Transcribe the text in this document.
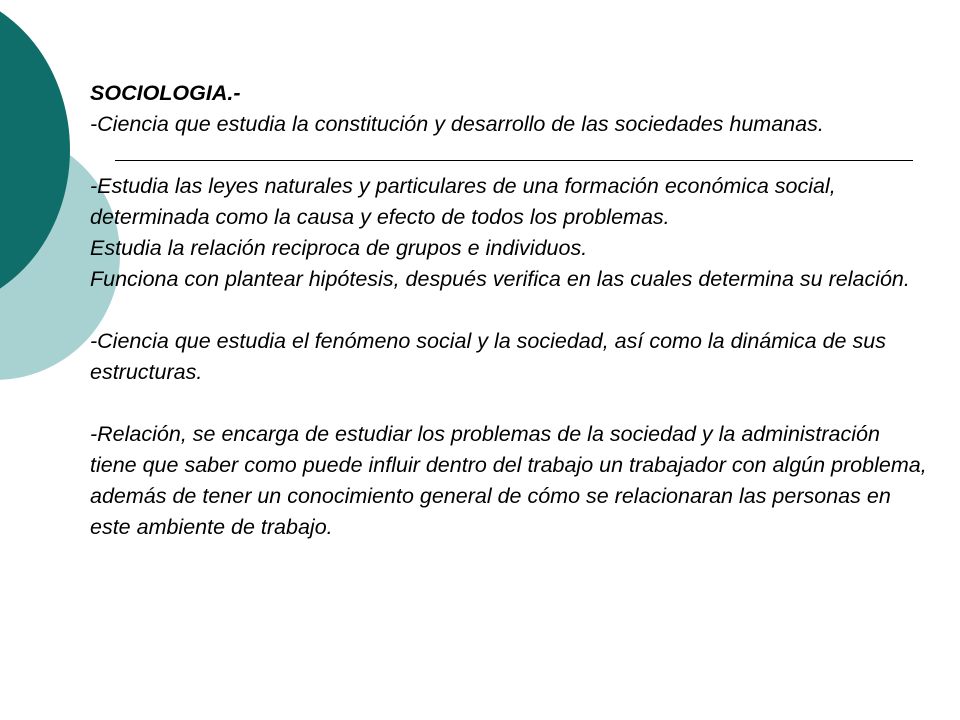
SOCIOLOGIA.-

-Ciencia que estudia la constitución y desarrollo de las sociedades humanas.

-Estudia las leyes naturales y particulares de una formación económica social, determinada como la causa y efecto de todos los problemas.

Estudia la relación reciproca de grupos e individuos.

Funciona con plantear hipótesis, después verifica en las cuales determina su relación.

-Ciencia que estudia el fenómeno social y la sociedad, así como la dinámica de sus estructuras.

-Relación, se encarga de estudiar los problemas de la sociedad y la administración tiene que saber como puede influir dentro del trabajo un trabajador con algún problema, además de tener un conocimiento general de cómo se relacionaran las personas en este ambiente de trabajo.
